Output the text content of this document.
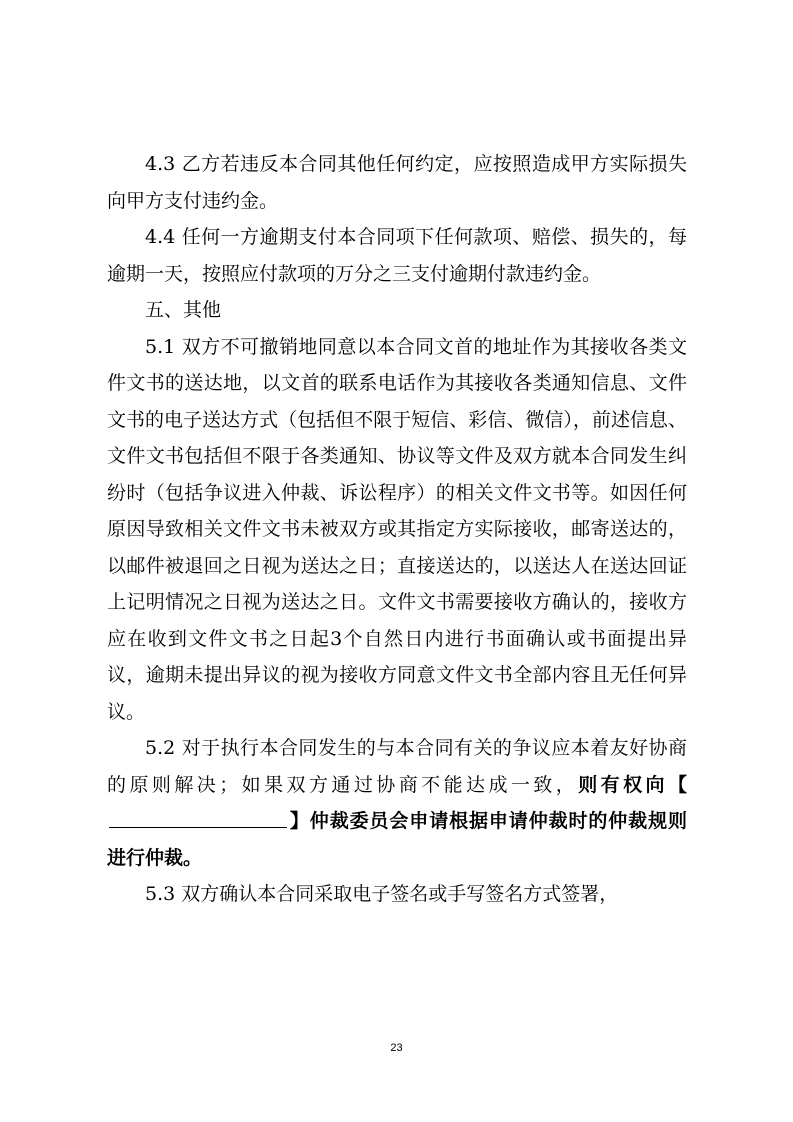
4.3 乙方若违反本合同其他任何约定，应按照造成甲方实际损失向甲方支付违约金。

4.4 任何一方逾期支付本合同项下任何款项、赔偿、损失的，每逾期一天，按照应付款项的万分之三支付逾期付款违约金。

五、其他

5.1 双方不可撤销地同意以本合同文首的地址作为其接收各类文件文书的送达地，以文首的联系电话作为其接收各类通知信息、文件文书的电子送达方式（包括但不限于短信、彩信、微信），前述信息、文件文书包括但不限于各类通知、协议等文件及双方就本合同发生纠纷时（包括争议进入仲裁、诉讼程序）的相关文件文书等。如因任何原因导致相关文件文书未被双方或其指定方实际接收，邮寄送达的，以邮件被退回之日视为送达之日；直接送达的，以送达人在送达回证上记明情况之日视为送达之日。文件文书需要接收方确认的，接收方应在收到文件文书之日起3个自然日内进行书面确认或书面提出异议，逾期未提出异议的视为接收方同意文件文书全部内容且无任何异议。

5.2 对于执行本合同发生的与本合同有关的争议应本着友好协商的原则解决；如果双方通过协商不能达成一致，则有权向【】仲裁委员会申请根据申请仲裁时的仲裁规则进行仲裁。

5.3 双方确认本合同采取电子签名或手写签名方式签署，

23
